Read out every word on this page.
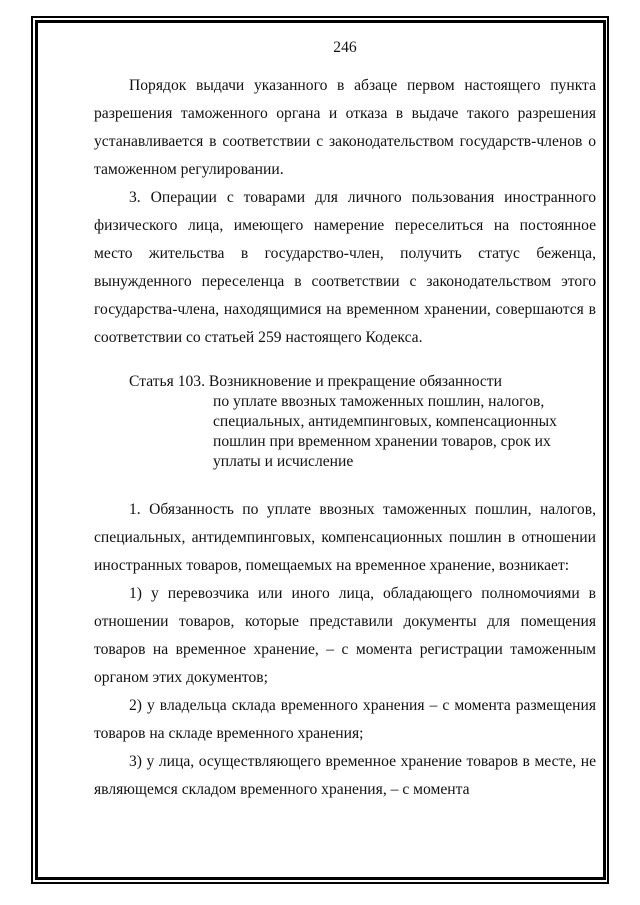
246

Порядок выдачи указанного в абзаце первом настоящего пункта разрешения таможенного органа и отказа в выдаче такого разрешения устанавливается в соответствии с законодательством государств-членов о таможенном регулировании.

3. Операции с товарами для личного пользования иностранного физического лица, имеющего намерение переселиться на постоянное место жительства в государство-член, получить статус беженца, вынужденного переселенца в соответствии с законодательством этого государства-члена, находящимися на временном хранении, совершаются в соответствии со статьей 259 настоящего Кодекса.

Статья 103. Возникновение и прекращение обязанности
по уплате ввозных таможенных пошлин, налогов,
специальных, антидемпинговых, компенсационных
пошлин при временном хранении товаров, срок их
уплаты и исчисление

1. Обязанность по уплате ввозных таможенных пошлин, налогов, специальных, антидемпинговых, компенсационных пошлин в отношении иностранных товаров, помещаемых на временное хранение, возникает:

1) у перевозчика или иного лица, обладающего полномочиями в отношении товаров, которые представили документы для помещения товаров на временное хранение, – с момента регистрации таможенным органом этих документов;

2) у владельца склада временного хранения – с момента размещения товаров на складе временного хранения;

3) у лица, осуществляющего временное хранение товаров в месте, не являющемся складом временного хранения, – с момента
